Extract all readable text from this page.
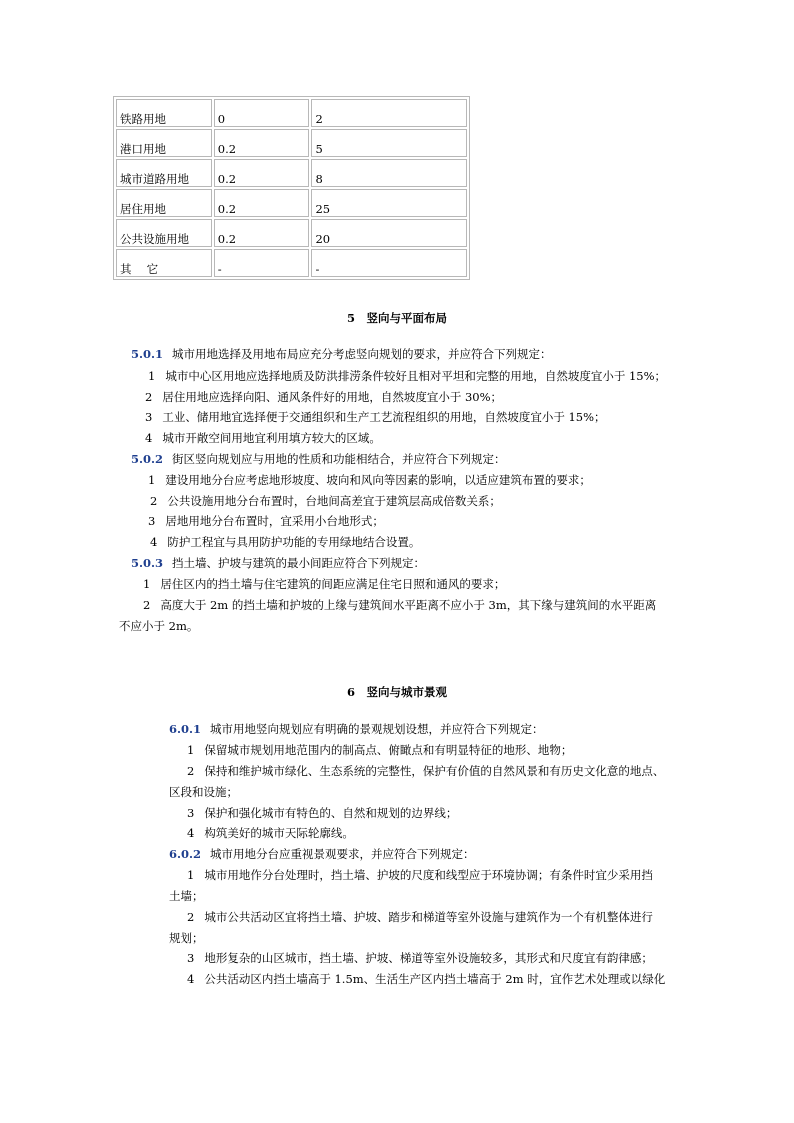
铁路用地	0	2
港口用地	0.2	5
城市道路用地	0.2	8
居住用地	0.2	25
公共设施用地	0.2	20
其　 它	-	-
5　竖向与平面布局
5.0.1 城市用地选择及用地布局应充分考虑竖向规划的要求，并应符合下列规定：
1 城市中心区用地应选择地质及防洪排涝条件较好且相对平坦和完整的用地，自然坡度宜小于 15%；
2 居住用地应选择向阳、通风条件好的用地，自然坡度宜小于 30%；
3 工业、储用地宜选择便于交通组织和生产工艺流程组织的用地，自然坡度宜小于 15%；
4 城市开敞空间用地宜利用填方较大的区域。
5.0.2 街区竖向规划应与用地的性质和功能相结合，并应符合下列规定：
1 建设用地分台应考虑地形坡度、坡向和风向等因素的影响，以适应建筑布置的要求；
2 公共设施用地分台布置时，台地间高差宜于建筑层高成倍数关系；
3 居地用地分台布置时，宜采用小台地形式；
4 防护工程宜与具用防护功能的专用绿地结合设置。
5.0.3 挡土墙、护坡与建筑的最小间距应符合下列规定：
1 居住区内的挡土墙与住宅建筑的间距应满足住宅日照和通风的要求；
2 高度大于 2m 的挡土墙和护坡的上缘与建筑间水平距离不应小于 3m，其下缘与建筑间的水平距离
不应小于 2m。
6　竖向与城市景观
6.0.1 城市用地竖向规划应有明确的景观规划设想，并应符合下列规定：
1 保留城市规划用地范围内的制高点、俯瞰点和有明显特征的地形、地物；
2 保持和维护城市绿化、生态系统的完整性，保护有价值的自然风景和有历史文化意的地点、
区段和设施；
3 保护和强化城市有特色的、自然和规划的边界线；
4 构筑美好的城市天际轮廓线。
6.0.2 城市用地分台应重视景观要求，并应符合下列规定：
1 城市用地作分台处理时，挡土墙、护坡的尺度和线型应于环境协调；有条件时宜少采用挡
土墙；
2 城市公共活动区宜将挡土墙、护坡、踏步和梯道等室外设施与建筑作为一个有机整体进行
规划；
3 地形复杂的山区城市，挡土墙、护坡、梯道等室外设施较多，其形式和尺度宜有韵律感；
4 公共活动区内挡土墙高于 1.5m、生活生产区内挡土墙高于 2m 时，宜作艺术处理或以绿化
